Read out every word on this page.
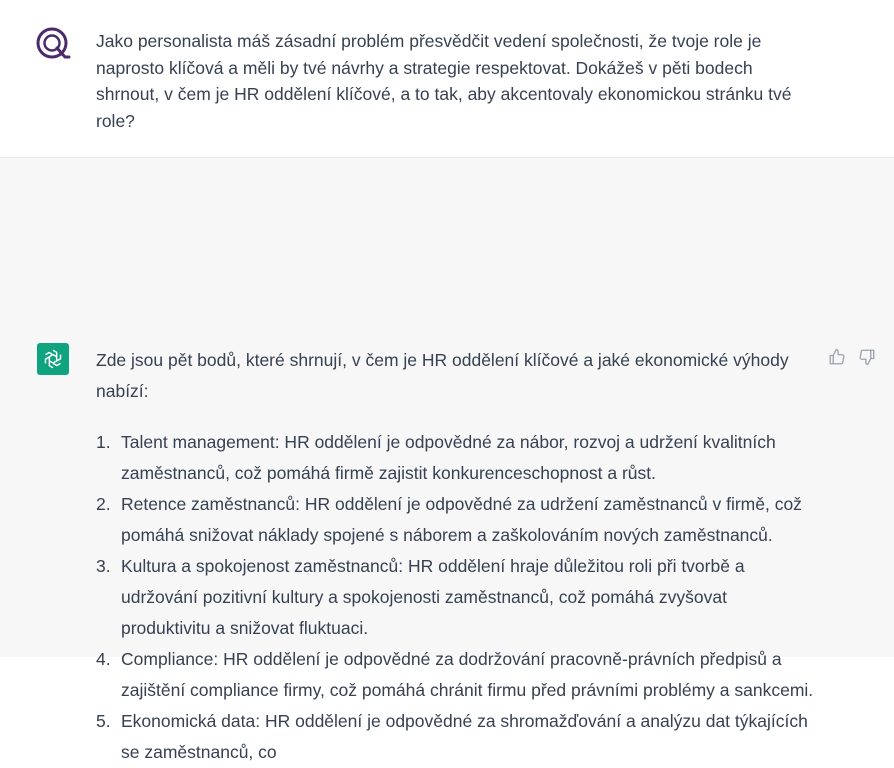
Jako personalista máš zásadní problém přesvědčit vedení společnosti, že tvoje role je naprosto klíčová a měli by tvé návrhy a strategie respektovat. Dokážeš v pěti bodech shrnout, v čem je HR oddělení klíčové, a to tak, aby akcentovaly ekonomickou stránku tvé role?

Zde jsou pět bodů, které shrnují, v čem je HR oddělení klíčové a jaké ekonomické výhody nabízí:

1. Talent management: HR oddělení je odpovědné za nábor, rozvoj a udržení kvalitních zaměstnanců, což pomáhá firmě zajistit konkurenceschopnost a růst.
2. Retence zaměstnanců: HR oddělení je odpovědné za udržení zaměstnanců v firmě, což pomáhá snižovat náklady spojené s náborem a zaškolováním nových zaměstnanců.
3. Kultura a spokojenost zaměstnanců: HR oddělení hraje důležitou roli při tvorbě a udržování pozitivní kultury a spokojenosti zaměstnanců, což pomáhá zvyšovat produktivitu a snižovat fluktuaci.
4. Compliance: HR oddělení je odpovědné za dodržování pracovně-právních předpisů a zajištění compliance firmy, což pomáhá chránit firmu před právními problémy a sankcemi.
5. Ekonomická data: HR oddělení je odpovědné za shromažďování a analýzu dat týkajících se zaměstnanců, co
